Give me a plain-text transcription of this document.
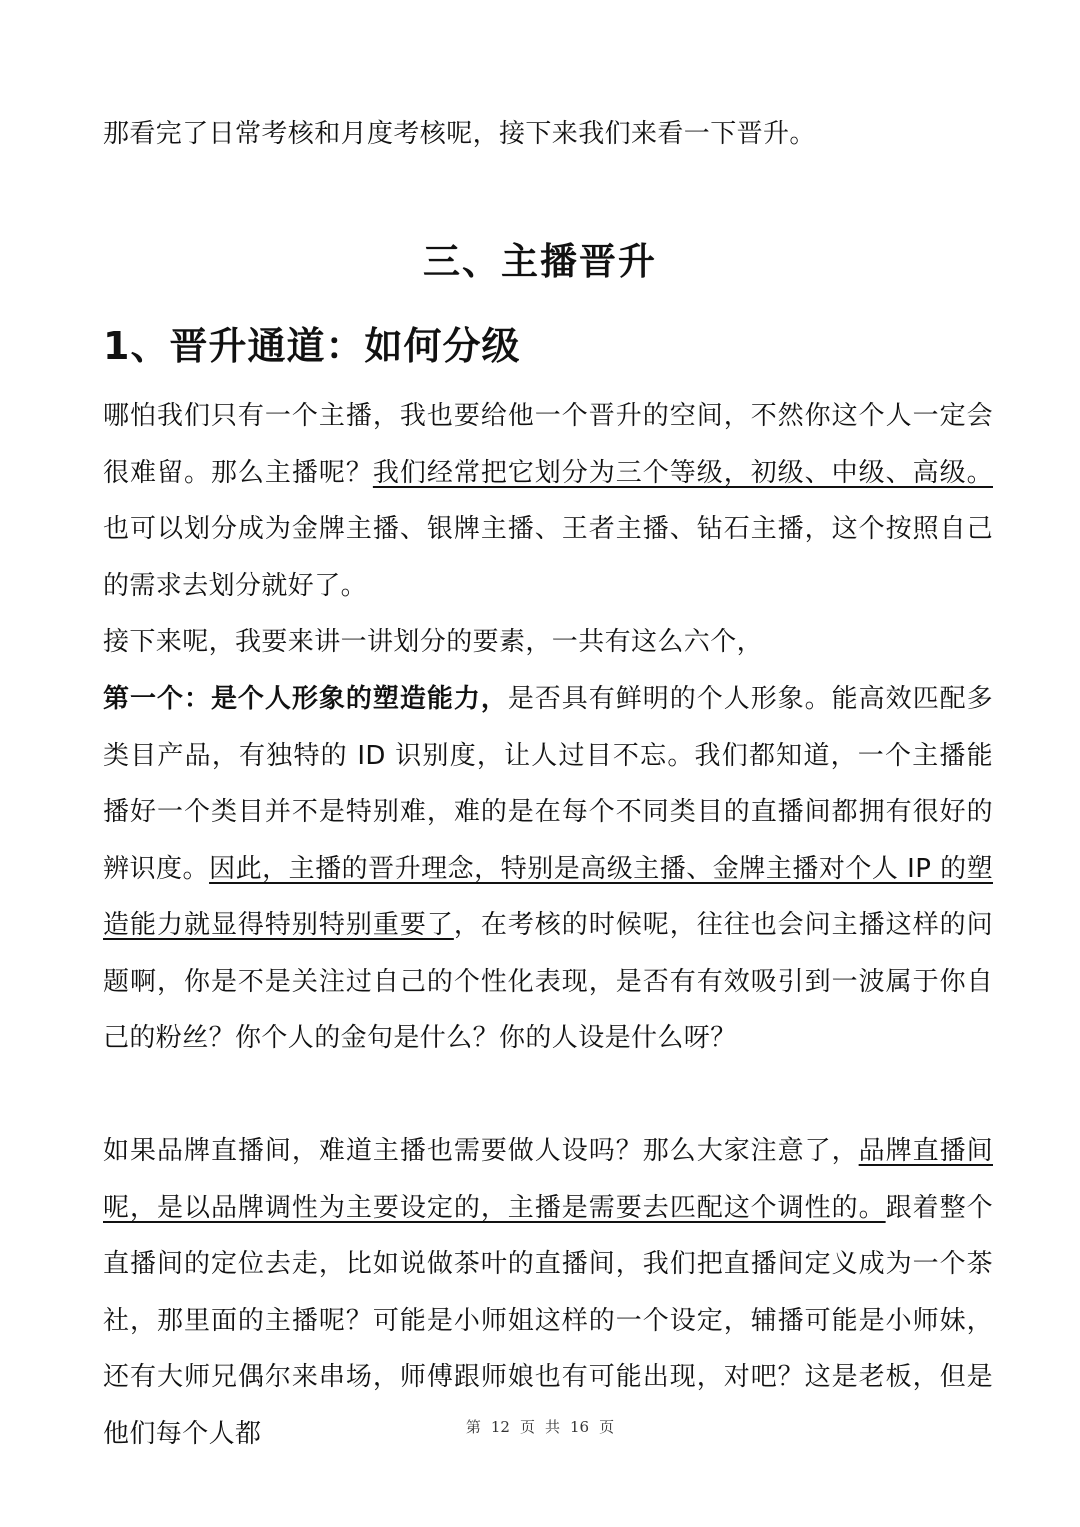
那看完了日常考核和月度考核呢，接下来我们来看一下晋升。

三、主播晋升
1、晋升通道：如何分级

哪怕我们只有一个主播，我也要给他一个晋升的空间，不然你这个人一定会很难留。那么主播呢？我们经常把它划分为三个等级，初级、中级、高级。也可以划分成为金牌主播、银牌主播、王者主播、钻石主播，这个按照自己的需求去划分就好了。

接下来呢，我要来讲一讲划分的要素，一共有这么六个，

第一个：是个人形象的塑造能力，是否具有鲜明的个人形象。能高效匹配多类目产品，有独特的 ID 识别度，让人过目不忘。我们都知道，一个主播能播好一个类目并不是特别难，难的是在每个不同类目的直播间都拥有很好的辨识度。因此，主播的晋升理念，特别是高级主播、金牌主播对个人 IP 的塑造能力就显得特别特别重要了，在考核的时候呢，往往也会问主播这样的问题啊，你是不是关注过自己的个性化表现，是否有有效吸引到一波属于你自己的粉丝？你个人的金句是什么？你的人设是什么呀？

如果品牌直播间，难道主播也需要做人设吗？那么大家注意了，品牌直播间呢，是以品牌调性为主要设定的，主播是需要去匹配这个调性的。跟着整个直播间的定位去走，比如说做茶叶的直播间，我们把直播间定义成为一个茶社，那里面的主播呢？可能是小师姐这样的一个设定，辅播可能是小师妹，还有大师兄偶尔来串场，师傅跟师娘也有可能出现，对吧？这是老板，但是他们每个人都	第 12 页 共 16 页
